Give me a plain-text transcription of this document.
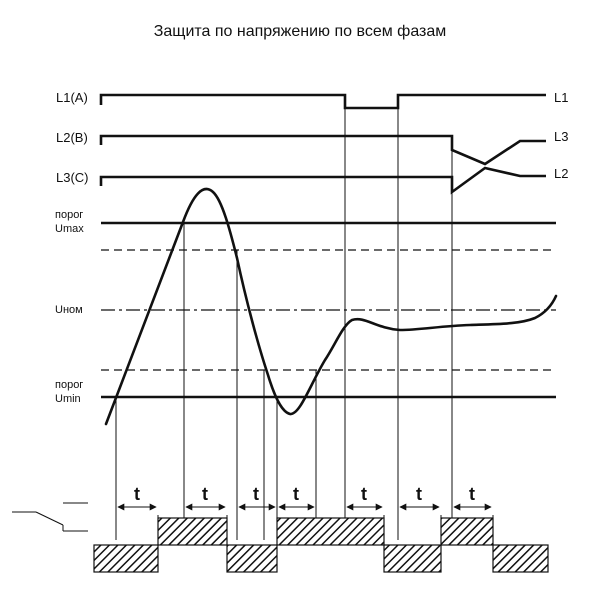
Защита по напряжению по всем фазам
L1(A)
L2(B)
L3(C)
L1
L3
L2
порог
Umax
Uном
порог
Umin
t	t	t t	t	t	t
